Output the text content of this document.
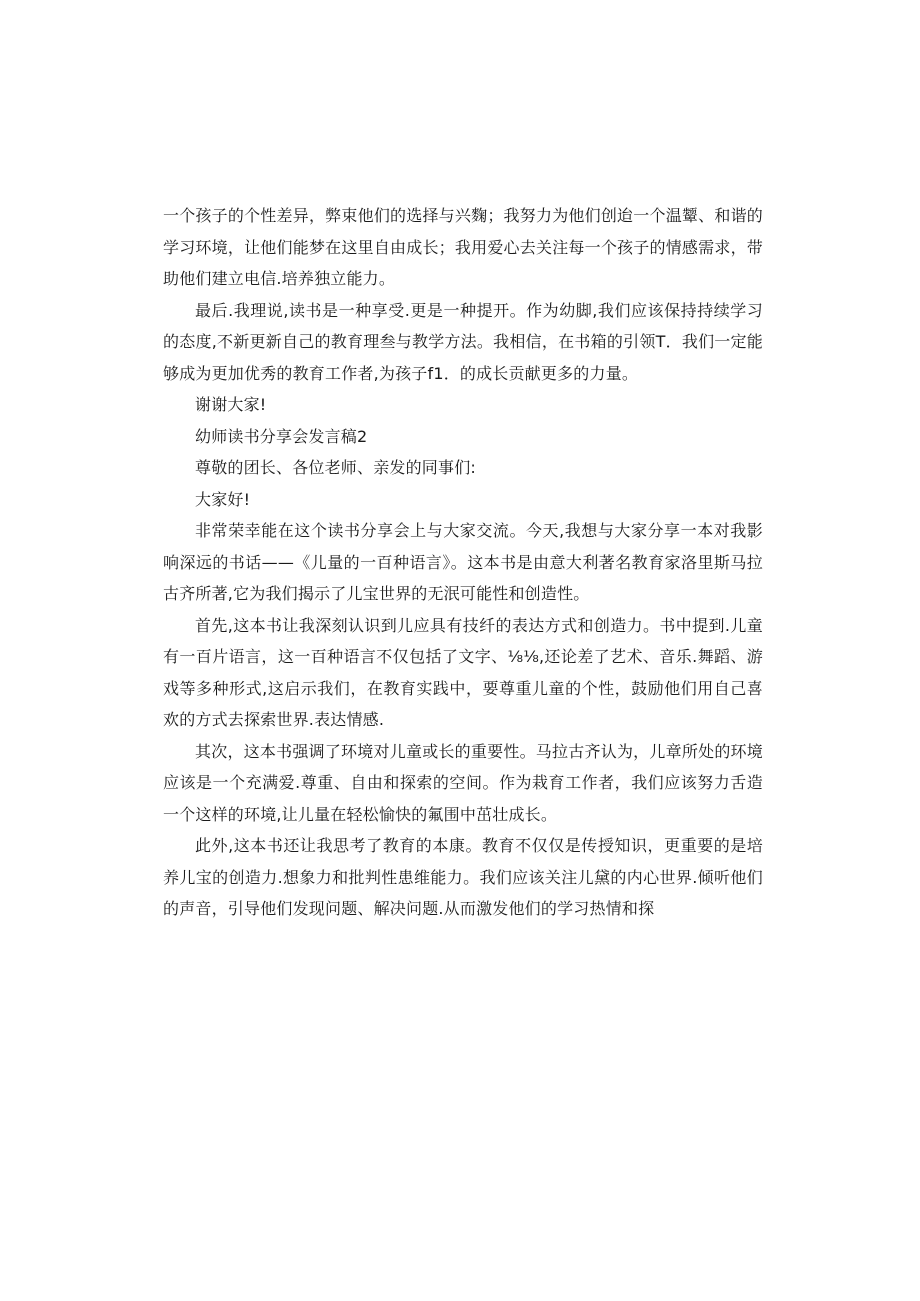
一个孩子的个性差异，弊束他们的选择与兴麴；我努力为他们创迨一个温颦、和谐的学习环境，让他们能梦在这里自由成长；我用爱心去关注每一个孩子的情感需求，带助他们建立电信.培养独立能力。

最后.我理说,读书是一种享受.更是一种提开。作为幼脚,我们应该保持持续学习的态度,不新更新自己的教育理叁与教学方法。我相信，在书箱的引领T．我们一定能够成为更加优秀的教育工作者,为孩子f1．的成长贡献更多的力量。

谢谢大家!

幼师读书分享会发言稿2

尊敬的团长、各位老师、亲发的同事们:

大家好!

非常荣幸能在这个读书分享会上与大家交流。今天,我想与大家分享一本对我影响深远的书话——《儿量的一百种语言》。这本书是由意大利著名教育家洛里斯马拉古齐所著,它为我们揭示了儿宝世界的无泯可能性和创造性。

首先,这本书让我深刻认识到儿应具有技纤的表达方式和创造力。书中提到.儿童有一百片语言，这一百种语言不仅包括了文字、⅛⅛,还论差了艺术、音乐.舞蹈、游戏等多种形式,这启示我们，在教育实践中，要尊重儿童的个性，鼓励他们用自己喜欢的方式去探索世界.表达情感.

其次，这本书强调了环境对儿童或长的重要性。马拉古齐认为，儿章所处的环境应该是一个充满爱.尊重、自由和探索的空间。作为栽育工作者，我们应该努力舌造一个这样的环境,让儿量在轻松愉快的氟围中茁壮成长。

此外,这本书还让我思考了教育的本康。教育不仅仅是传授知识，更重要的是培养儿宝的创造力.想象力和批判性患维能力。我们应该关注儿黛的内心世界.倾听他们的声音，引导他们发现问题、解决问题.从而激发他们的学习热情和探
